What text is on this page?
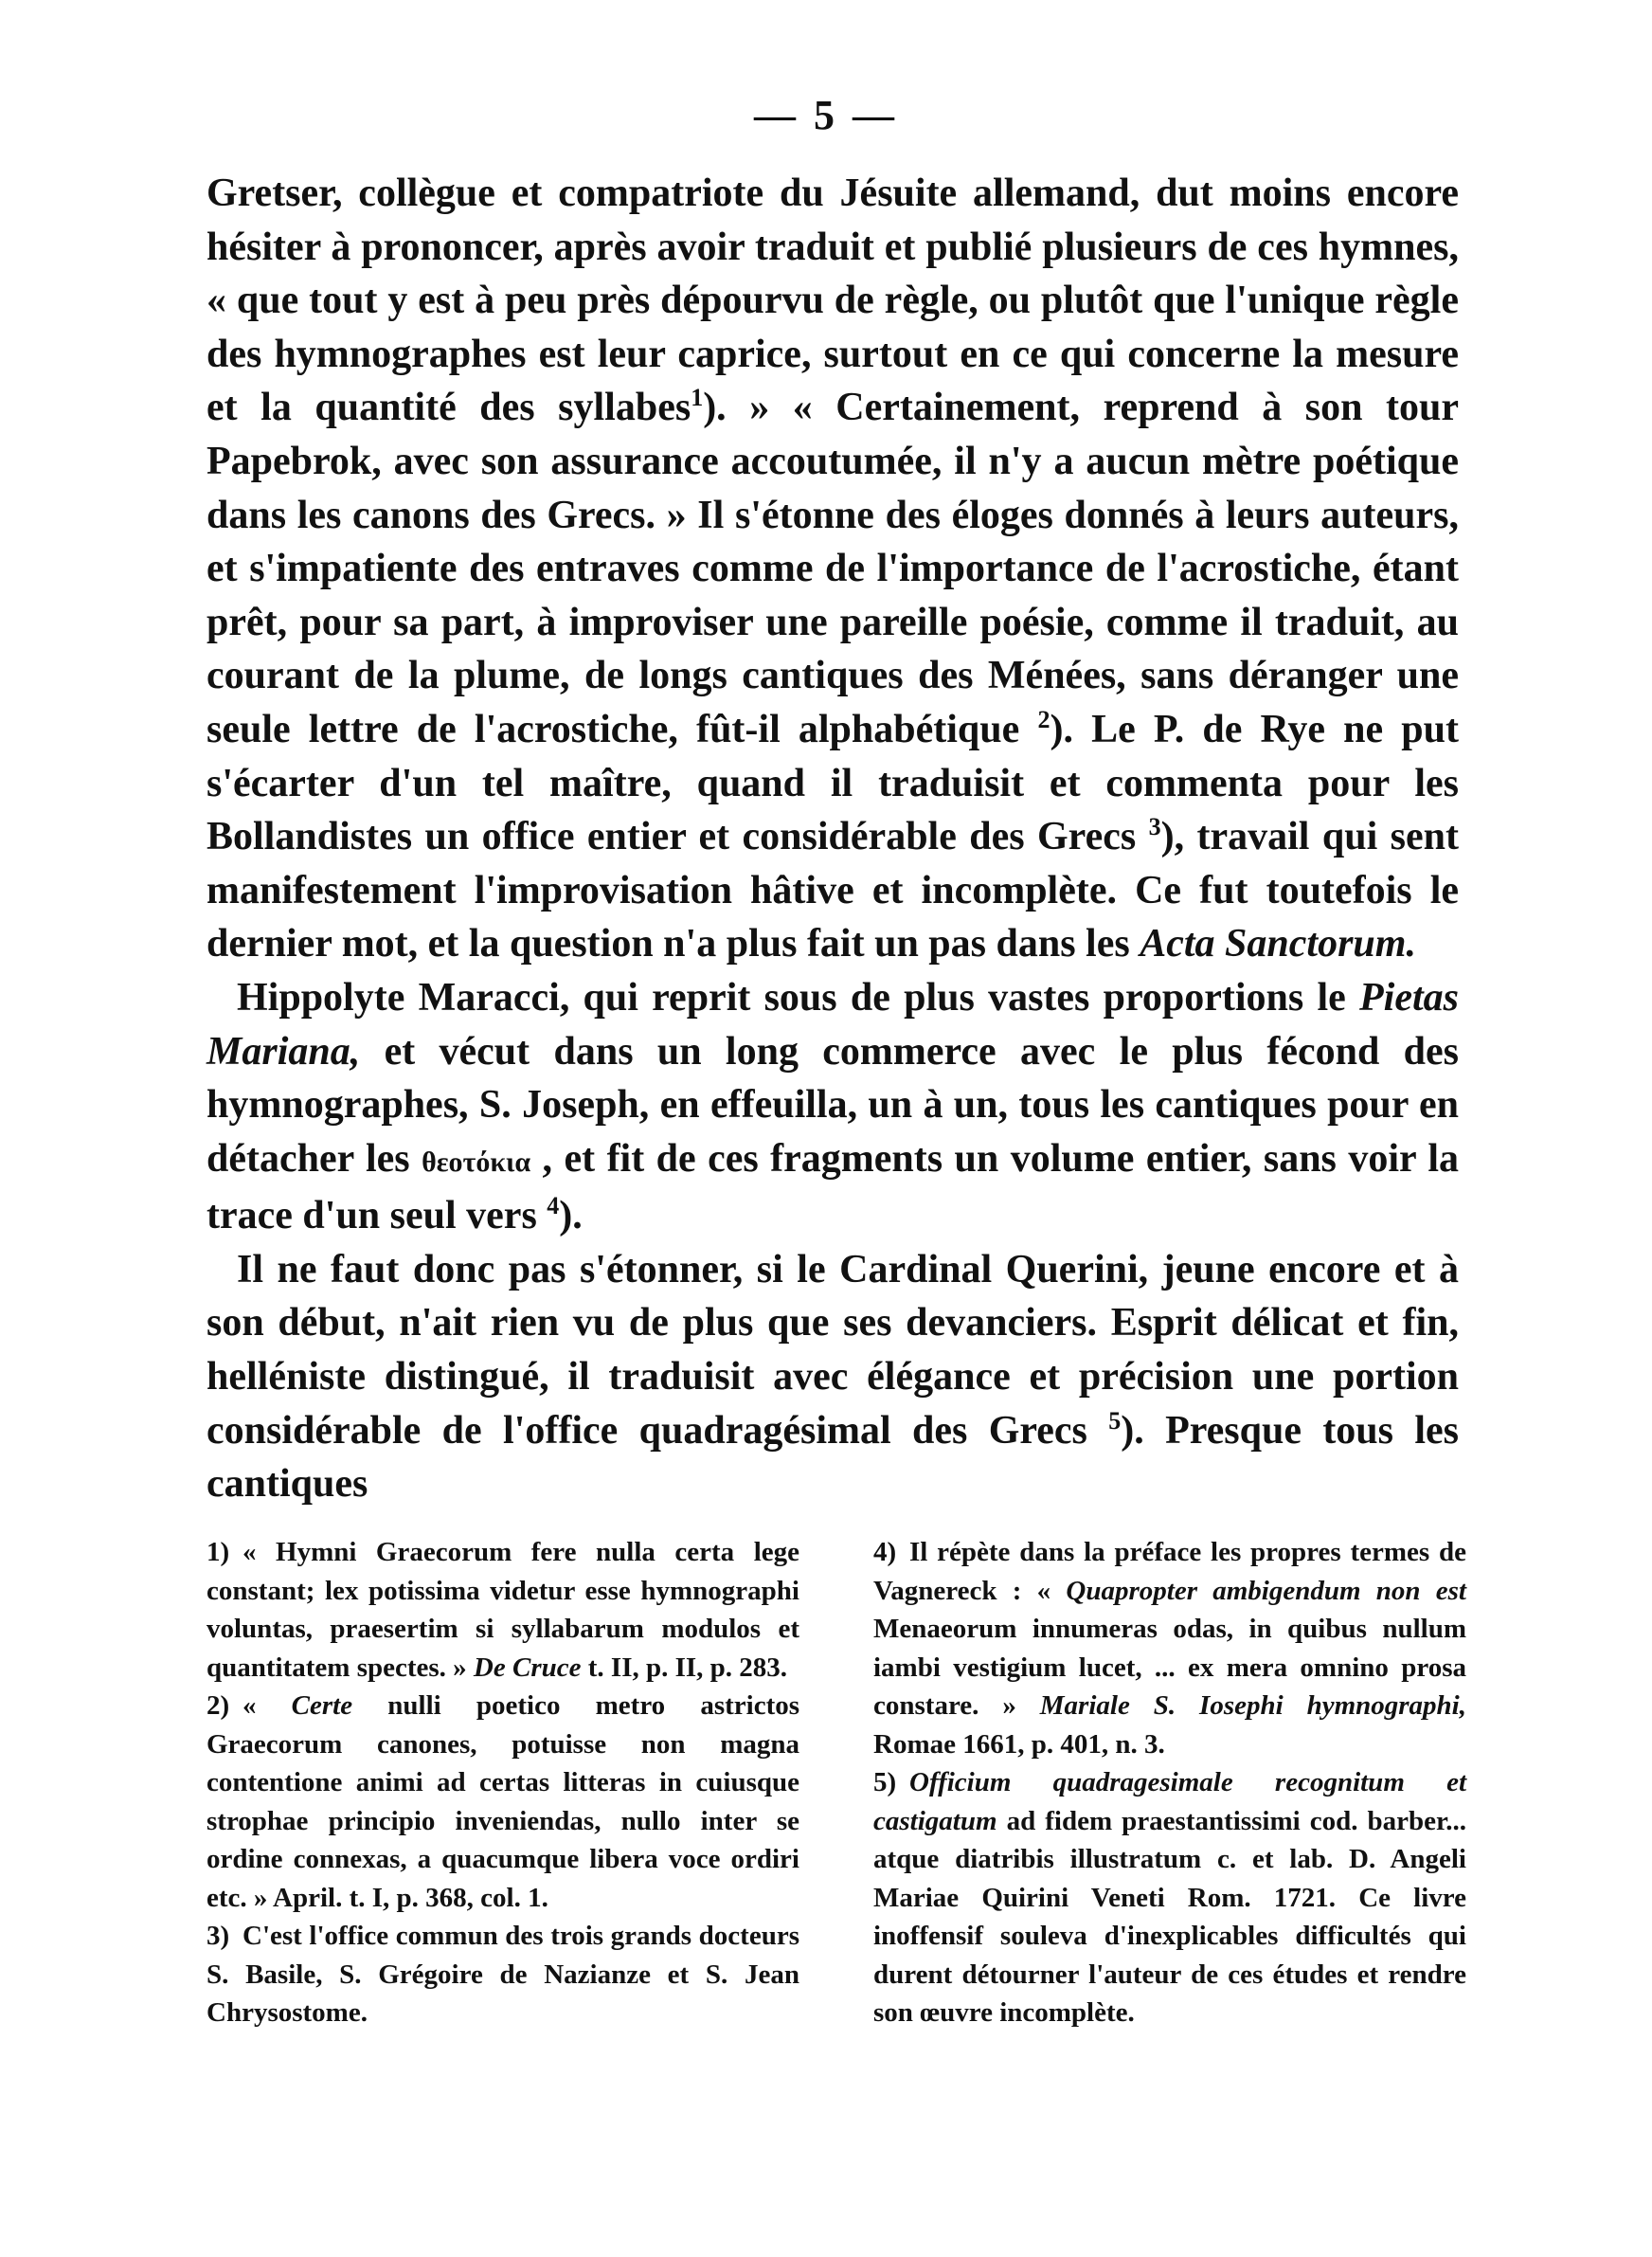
— 5 —

Gretser, collègue et compatriote du Jésuite allemand, dut moins encore hésiter à prononcer, après avoir traduit et publié plusieurs de ces hymnes, « que tout y est à peu près dépourvu de règle, ou plutôt que l'unique règle des hymnographes est leur caprice, surtout en ce qui concerne la mesure et la quantité des syllabes$^1$). » « Certainement, reprend à son tour Papebrok, avec son assurance accoutumée, il n'y a aucun mètre poétique dans les canons des Grecs. » Il s'étonne des éloges donnés à leurs auteurs, et s'impatiente des entraves comme de l'importance de l'acrostiche, étant prêt, pour sa part, à improviser une pareille poésie, comme il traduit, au courant de la plume, de longs cantiques des Ménées, sans déranger une seule lettre de l'acrostiche, fût-il alphabétique $^2$). Le P. de Rye ne put s'écarter d'un tel maître, quand il traduisit et commenta pour les Bollandistes un office entier et considérable des Grecs $^3$), travail qui sent manifestement l'improvisation hâtive et incomplète. Ce fut toutefois le dernier mot, et la question n'a plus fait un pas dans les Acta Sanctorum.

Hippolyte Maracci, qui reprit sous de plus vastes proportions le Pietas Mariana, et vécut dans un long commerce avec le plus fécond des hymnographes, S. Joseph, en effeuilla, un à un, tous les cantiques pour en détacher les θεοτόκια , et fit de ces fragments un volume entier, sans voir la trace d'un seul vers $^4$).

Il ne faut donc pas s'étonner, si le Cardinal Querini, jeune encore et à son début, n'ait rien vu de plus que ses devanciers. Esprit délicat et fin, helléniste distingué, il traduisit avec élégance et précision une portion considérable de l'office quadragésimal des Grecs $^5$). Presque tous les cantiques

1) « Hymni Graecorum fere nulla certa lege constant; lex potissima videtur esse hymnographi voluntas, praesertim si syllabarum modulos et quantitatem spectes. » De Cruce t. II, p. II, p. 283.

2) « Certe nulli poetico metro astrictos Graecorum canones, potuisse non magna contentione animi ad certas litteras in cuiusque strophae principio inveniendas, nullo inter se ordine connexas, a quacumque libera voce ordiri etc. » April. t. I, p. 368, col. 1.

3) C'est l'office commun des trois grands docteurs S. Basile, S. Grégoire de Nazianze et S. Jean Chrysostome.

4) Il répète dans la préface les propres termes de Vagnereck : « Quapropter ambigendum non est Menaeorum innumeras odas, in quibus nullum iambi vestigium lucet, ... ex mera omnino prosa constare. » Mariale S. Iosephi hymnographi, Romae 1661, p. 401, n. 3.

5) Officium quadragesimale recognitum et castigatum ad fidem praestantissimi cod. barber... atque diatribis illustratum c. et lab. D. Angeli Mariae Quirini Veneti Rom. 1721. Ce livre inoffensif souleva d'inexplicables difficultés qui durent détourner l'auteur de ces études et rendre son œuvre incomplète.
